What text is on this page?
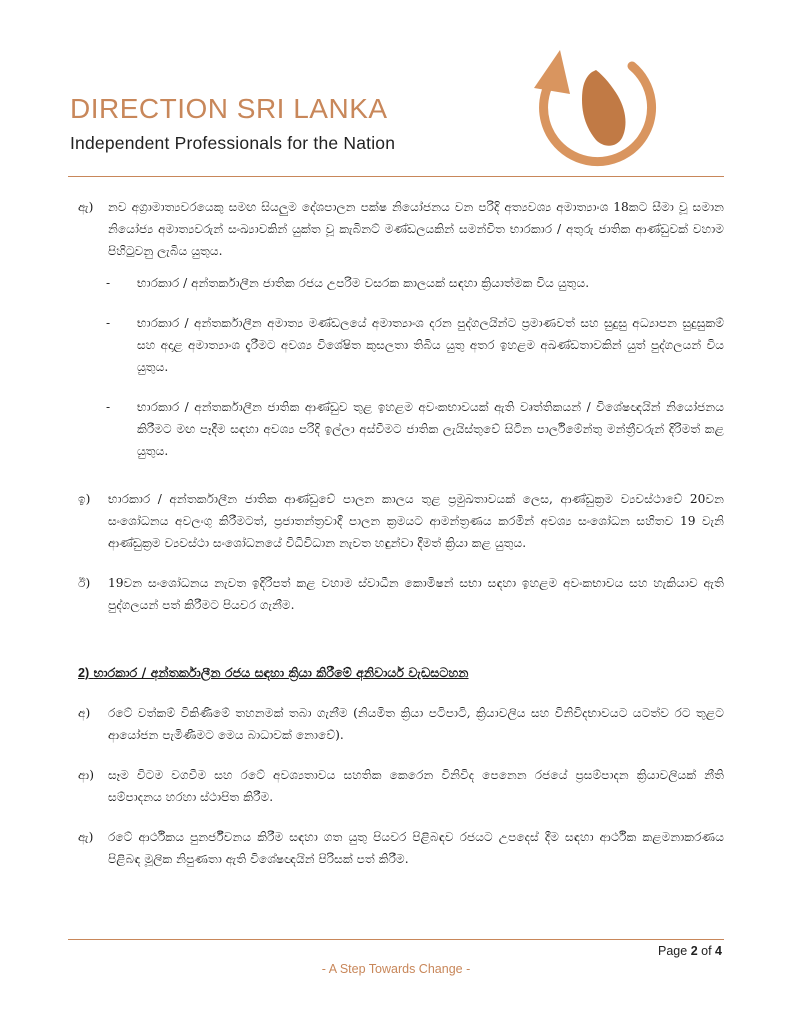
DIRECTION SRI LANKA
Independent Professionals for the Nation
ඇ)	නව අග්‍රාමාත්‍යවරයෙකු සමඟ සියලුම දේශපාලන පක්ෂ නියෝජනය වන පරිදි අත්‍යවශ්‍ය අමාත්‍යාංශ 18කට සීමා වූ සමාන නියෝජ්‍ය අමාත්‍යවරුන් සංඛ්‍යාවකින් යුක්ත වූ කැබිනට් මණ්ඩලයකින් සමන්විත භාරකාර / අතුරු ජාතික ආණ්ඩුවක් වහාම පිහිටුවනු ලැබිය යුතුය.
-	භාරකාර / අන්තර්කාලීන ජාතික රජය උපරිම වසරක කාලයක් සඳහා ක්‍රියාත්මක විය යුතුය.
-	භාරකාර / අන්තර්කාලීන අමාත්‍ය මණ්ඩලයේ අමාත්‍යාංශ දරන පුද්ගලයින්ට ප්‍රමාණවත් සහ සුදුසු අධ්‍යාපන සුදුසුකම් සහ අදාළ අමාත්‍යාංශ දැරීමට අවශ්‍ය විශේෂිත කුසලතා තිබිය යුතු අතර ඉහළම අඛණ්ඩතාවකින් යුත් පුද්ගලයන් විය යුතුය.
-	භාරකාර / අන්තර්කාලීන ජාතික ආණ්ඩුව තුළ ඉහළම අවංකභාවයක් ඇති වෘත්තිකයන් / විශේෂඥයින් නියෝජනය කිරීමට මඟ පෑදීම සඳහා අවශ්‍ය පරිදි ඉල්ලා අස්වීමට ජාතික ලැයිස්තුවේ සිටින පාර්ලිමේන්තු මන්ත්‍රීවරුන් දිරිමත් කළ යුතුය.
ඉ)	භාරකාර / අන්තර්කාලීන ජාතික ආණ්ඩුවේ පාලන කාලය තුළ ප්‍රමුඛතාවයක් ලෙස, ආණ්ඩුක්‍රම ව්‍යවස්ථාවේ 20වන සංශෝධනය අවලංගු කිරීමටත්, ප්‍රජාතන්ත්‍රවාදී පාලන ක්‍රමයට ආමන්ත්‍රණය කරමින් අවශ්‍ය සංශෝධන සහිතව 19 වැනි ආණ්ඩුක්‍රම ව්‍යවස්ථා සංශෝධනයේ විධිවිධාන නැවත හඳුන්වා දීමත් ක්‍රියා කළ යුතුය.
ඊ)	19වන සංශෝධනය නැවත ඉදිරිපත් කළ වහාම ස්වාධීන කොමිෂන් සභා සඳහා ඉහළම අවංකභාවය සහ හැකියාව ඇති පුද්ගලයන් පත් කිරීමට පියවර ගැනීම.
2) භාරකාර / අන්තර්කාලීන රජය සඳහා ක්‍රියා කිරීමේ අනිවාර්ය වැඩසටහන
අ)	රටේ වත්කම් විකිණීමේ තහනමක් තබා ගැනීම (නියමිත ක්‍රියා පටිපාටි, ක්‍රියාවලිය සහ විනිවිදභාවයට යටත්ව රට තුළට ආයෝජන පැමිණීමට මෙය බාධාවක් නොවේ).
ආ)	සෑම විටම වගවීම සහ රටේ අවශ්‍යතාවය සහතික කෙරෙන විනිවිද පෙනෙන රජයේ ප්‍රසම්පාදන ක්‍රියාවලියක් නීති සම්පාදනය හරහා ස්ථාපිත කිරීම.
ඇ)	රටේ ආර්ථිකය පුනර්ජීවනය කිරීම සඳහා ගත යුතු පියවර පිළිබඳව රජයට උපදෙස් දීම සඳහා ආර්ථික කළමනාකරණය පිළිබඳ මූලික නිපුණතා ඇති විශේෂඥයින් පිරිසක් පත් කිරීම.
Page 2 of 4
- A Step Towards Change -
